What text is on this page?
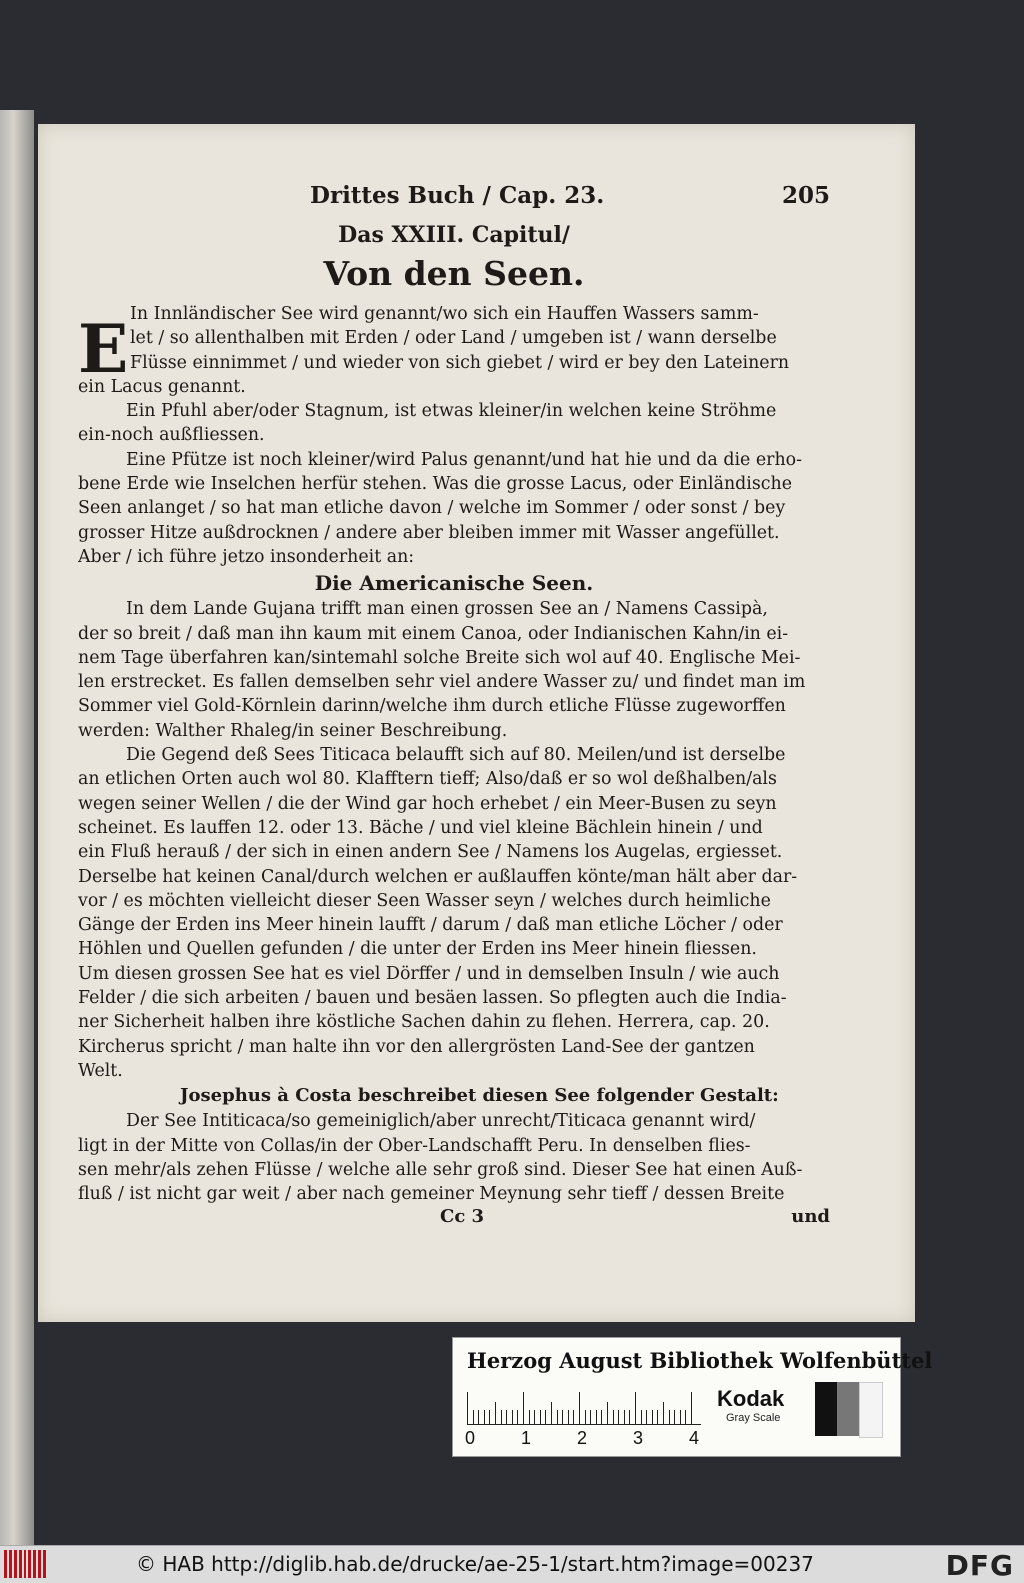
Drittes Buch / Cap. 23.	205
Das XXIII. Capitul/
Von den Seen.
E In Innländischer See wird genannt/wo sich ein Hauffen Wassers samm-
let / so allenthalben mit Erden / oder Land / umgeben ist / wann derselbe
Flüsse einnimmet / und wieder von sich giebet / wird er bey den Lateinern
ein Lacus genannt.
Ein Pfuhl aber/oder Stagnum, ist etwas kleiner/in welchen keine Ströhme
ein-noch außfliessen.
Eine Pfütze ist noch kleiner/wird Palus genannt/und hat hie und da die erho-
bene Erde wie Inselchen herfür stehen. Was die grosse Lacus, oder Einländische
Seen anlanget / so hat man etliche davon / welche im Sommer / oder sonst / bey
grosser Hitze außdrocknen / andere aber bleiben immer mit Wasser angefüllet.
Aber / ich führe jetzo insonderheit an:
Die Americanische Seen.
In dem Lande Gujana trifft man einen grossen See an / Namens Cassipà,
der so breit / daß man ihn kaum mit einem Canoa, oder Indianischen Kahn/in ei-
nem Tage überfahren kan/sintemahl solche Breite sich wol auf 40. Englische Mei-
len erstrecket. Es fallen demselben sehr viel andere Wasser zu/ und findet man im
Sommer viel Gold-Körnlein darinn/welche ihm durch etliche Flüsse zugeworffen
werden: Walther Rhaleg/in seiner Beschreibung.
Die Gegend deß Sees Titicaca belaufft sich auf 80. Meilen/und ist derselbe
an etlichen Orten auch wol 80. Klafftern tieff; Also/daß er so wol deßhalben/als
wegen seiner Wellen / die der Wind gar hoch erhebet / ein Meer-Busen zu seyn
scheinet. Es lauffen 12. oder 13. Bäche / und viel kleine Bächlein hinein / und
ein Fluß herauß / der sich in einen andern See / Namens los Augelas, ergiesset.
Derselbe hat keinen Canal/durch welchen er außlauffen könte/man hält aber dar-
vor / es möchten vielleicht dieser Seen Wasser seyn / welches durch heimliche
Gänge der Erden ins Meer hinein laufft / darum / daß man etliche Löcher / oder
Höhlen und Quellen gefunden / die unter der Erden ins Meer hinein fliessen.
Um diesen grossen See hat es viel Dörffer / und in demselben Insuln / wie auch
Felder / die sich arbeiten / bauen und besäen lassen. So pflegten auch die India-
ner Sicherheit halben ihre köstliche Sachen dahin zu flehen. Herrera, cap. 20.
Kircherus spricht / man halte ihn vor den allergrösten Land-See der gantzen
Welt.
Josephus à Costa beschreibet diesen See folgender Gestalt:
Der See Intiticaca/so gemeiniglich/aber unrecht/Titicaca genannt wird/
ligt in der Mitte von Collas/in der Ober-Landschafft Peru. In denselben flies-
sen mehr/als zehen Flüsse / welche alle sehr groß sind. Dieser See hat einen Auß-
fluß / ist nicht gar weit / aber nach gemeiner Meynung sehr tieff / dessen Breite
Cc 3	und
Herzog August Bibliothek Wolfenbüttel
0	1	2	3	4
Kodak
Gray Scale
© HAB http://diglib.hab.de/drucke/ae-25-1/start.htm?image=00237	DFG
